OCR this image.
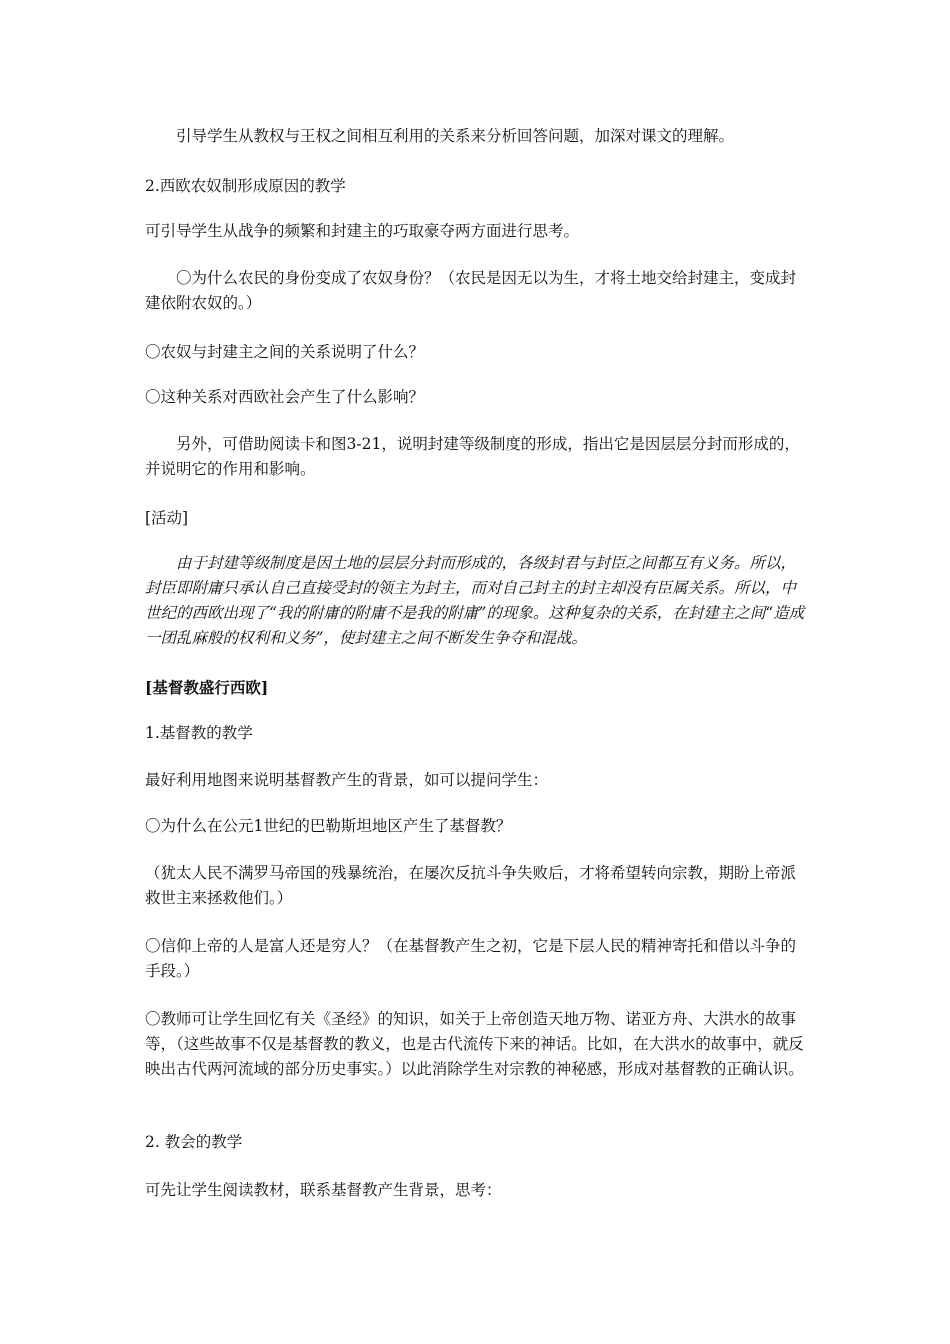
引导学生从教权与王权之间相互利用的关系来分析回答问题，加深对课文的理解。

2.西欧农奴制形成原因的教学

可引导学生从战争的频繁和封建主的巧取豪夺两方面进行思考。

〇为什么农民的身份变成了农奴身份？（农民是因无以为生，才将土地交给封建主，变成封建依附农奴的。）

〇农奴与封建主之间的关系说明了什么？

〇这种关系对西欧社会产生了什么影响？

另外，可借助阅读卡和图3-21，说明封建等级制度的形成，指出它是因层层分封而形成的，并说明它的作用和影响。

[活动]

由于封建等级制度是因土地的层层分封而形成的，各级封君与封臣之间都互有义务。所以，封臣即附庸只承认自己直接受封的领主为封主，而对自己封主的封主却没有臣属关系。所以，中世纪的西欧出现了“我的附庸的附庸不是我的附庸”的现象。这种复杂的关系，在封建主之间“造成一团乱麻般的权利和义务”，使封建主之间不断发生争夺和混战。

[基督教盛行西欧]

1.基督教的教学

最好利用地图来说明基督教产生的背景，如可以提问学生：

〇为什么在公元1世纪的巴勒斯坦地区产生了基督教？

（犹太人民不满罗马帝国的残暴统治，在屡次反抗斗争失败后，才将希望转向宗教，期盼上帝派救世主来拯救他们。）

〇信仰上帝的人是富人还是穷人？（在基督教产生之初，它是下层人民的精神寄托和借以斗争的手段。）

〇教师可让学生回忆有关《圣经》的知识，如关于上帝创造天地万物、诺亚方舟、大洪水的故事等，（这些故事不仅是基督教的教义，也是古代流传下来的神话。比如，在大洪水的故事中，就反映出古代两河流域的部分历史事实。）以此消除学生对宗教的神秘感，形成对基督教的正确认识。

2. 教会的教学

可先让学生阅读教材，联系基督教产生背景，思考：
